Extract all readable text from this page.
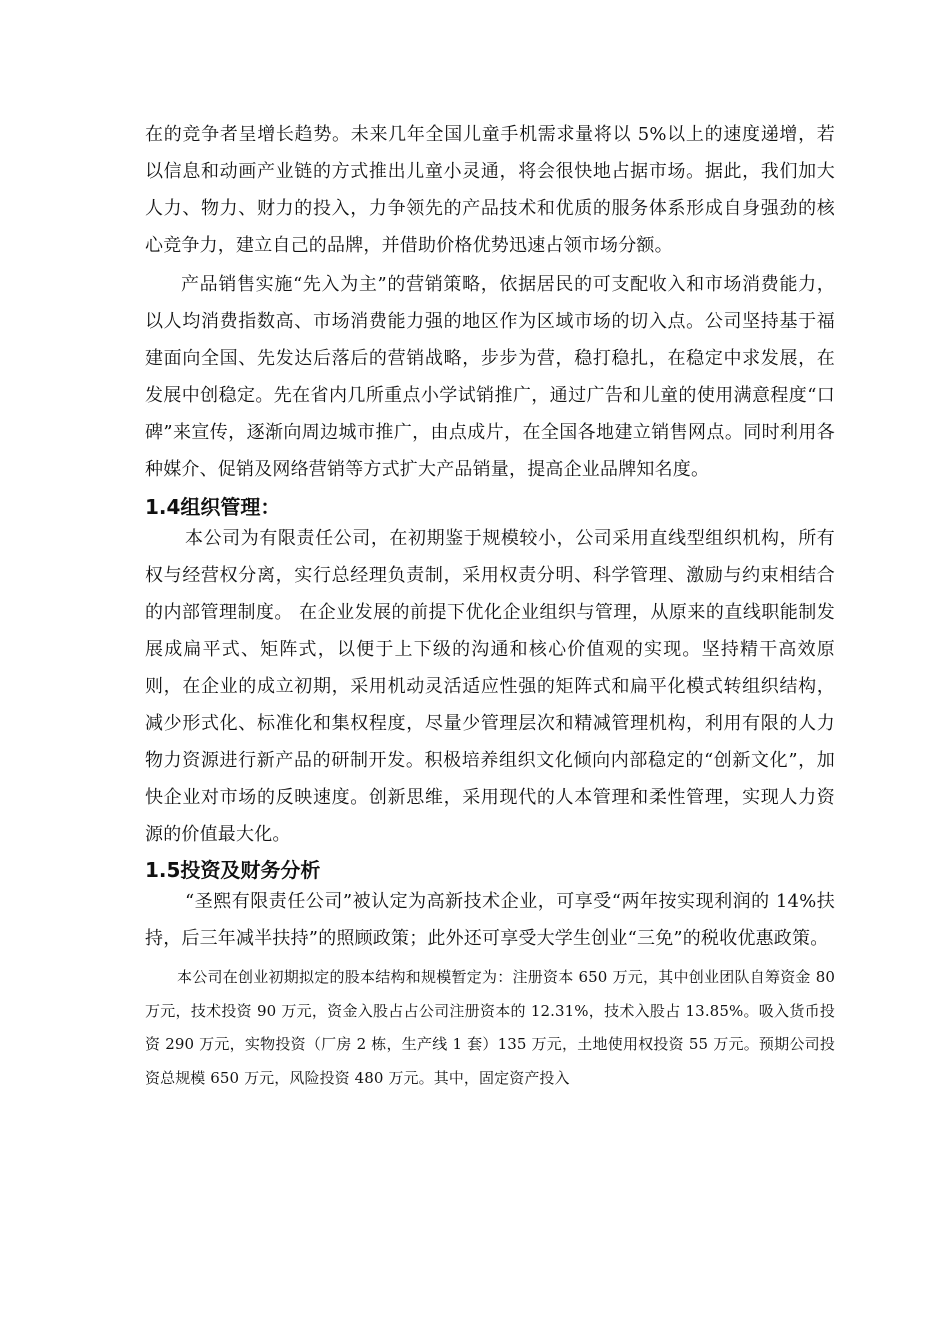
在的竞争者呈增长趋势。未来几年全国儿童手机需求量将以 5%以上的速度递增，若以信息和动画产业链的方式推出儿童小灵通，将会很快地占据市场。据此，我们加大人力、物力、财力的投入，力争领先的产品技术和优质的服务体系形成自身强劲的核心竞争力，建立自己的品牌，并借助价格优势迅速占领市场分额。

产品销售实施“先入为主”的营销策略，依据居民的可支配收入和市场消费能力，以人均消费指数高、市场消费能力强的地区作为区域市场的切入点。公司坚持基于福建面向全国、先发达后落后的营销战略，步步为营，稳打稳扎，在稳定中求发展，在发展中创稳定。先在省内几所重点小学试销推广，通过广告和儿童的使用满意程度“口碑”来宣传，逐渐向周边城市推广，由点成片，在全国各地建立销售网点。同时利用各种媒介、促销及网络营销等方式扩大产品销量，提高企业品牌知名度。

1.4组织管理：

本公司为有限责任公司，在初期鉴于规模较小，公司采用直线型组织机构，所有权与经营权分离，实行总经理负责制，采用权责分明、科学管理、激励与约束相结合的内部管理制度。 在企业发展的前提下优化企业组织与管理，从原来的直线职能制发展成扁平式、矩阵式，以便于上下级的沟通和核心价值观的实现。坚持精干高效原则，在企业的成立初期，采用机动灵活适应性强的矩阵式和扁平化模式转组织结构，减少形式化、标准化和集权程度，尽量少管理层次和精减管理机构，利用有限的人力物力资源进行新产品的研制开发。积极培养组织文化倾向内部稳定的“创新文化”，加快企业对市场的反映速度。创新思维，采用现代的人本管理和柔性管理，实现人力资源的价值最大化。

1.5投资及财务分析

“圣熙有限责任公司”被认定为高新技术企业，可享受“两年按实现利润的 14%扶持，后三年减半扶持”的照顾政策；此外还可享受大学生创业“三免”的税收优惠政策。

本公司在创业初期拟定的股本结构和规模暂定为：注册资本 650 万元，其中创业团队自筹资金 80 万元，技术投资 90 万元，资金入股占占公司注册资本的 12.31%，技术入股占 13.85%。吸入货币投资 290 万元，实物投资（厂房 2 栋，生产线 1 套）135 万元，土地使用权投资 55 万元。预期公司投资总规模 650 万元，风险投资 480 万元。其中，固定资产投入
